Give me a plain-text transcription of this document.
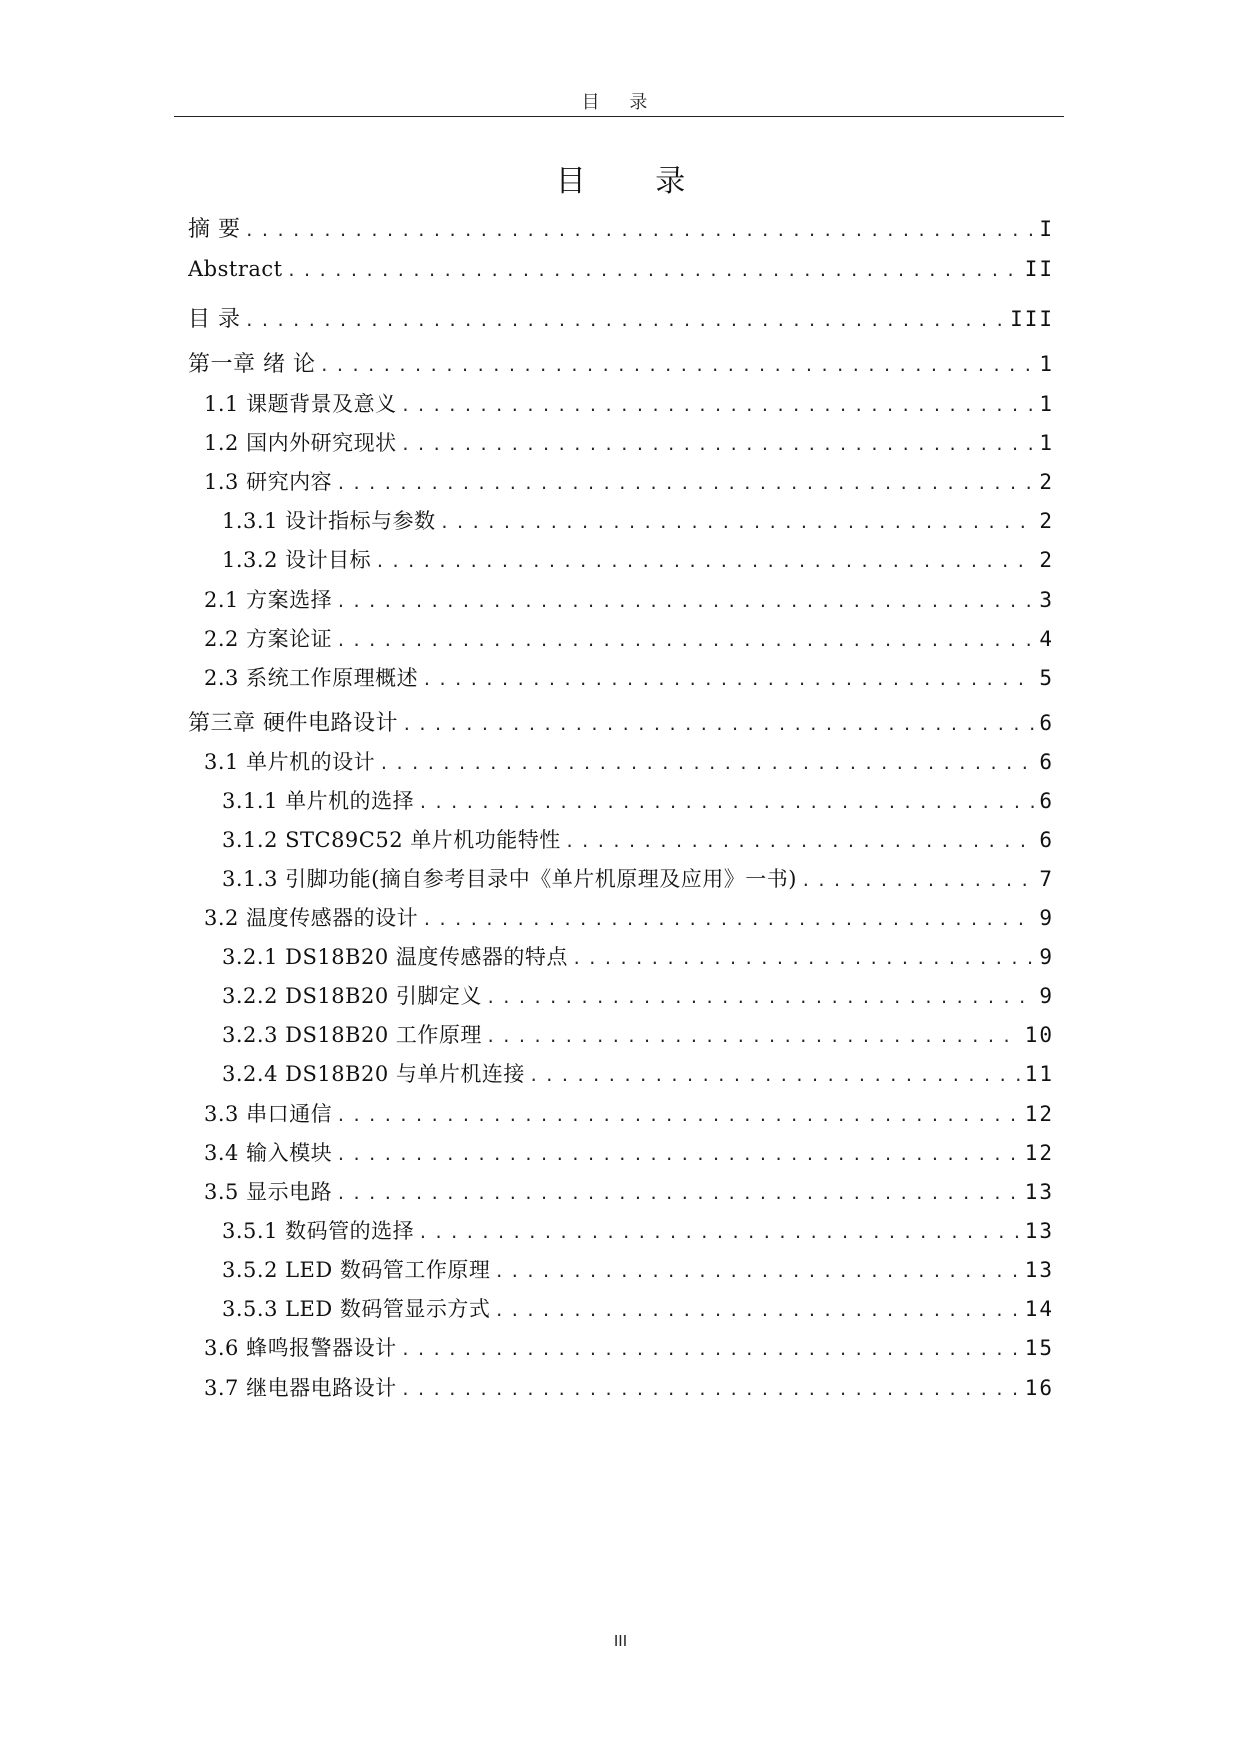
目 录
目 录
摘 要 .....	I
Abstract .....	II
目 录 .....	III
第一章 绪 论 .....	1
1.1 课题背景及意义 .....	1
1.2 国内外研究现状 .....	1
1.3 研究内容 .....	2
1.3.1 设计指标与参数 .....	2
1.3.2 设计目标 .....	2
2.1 方案选择 .....	3
2.2 方案论证 .....	4
2.3 系统工作原理概述 .....	5
第三章 硬件电路设计 .....	6
3.1 单片机的设计 .....	6
3.1.1 单片机的选择 .....	6
3.1.2 STC89C52 单片机功能特性 .....	6
3.1.3 引脚功能(摘自参考目录中《单片机原理及应用》一书) .....	7
3.2 温度传感器的设计 .....	9
3.2.1 DS18B20 温度传感器的特点 .....	9
3.2.2 DS18B20 引脚定义 .....	9
3.2.3 DS18B20 工作原理 .....	10
3.2.4 DS18B20 与单片机连接 .....	11
3.3 串口通信 .....	12
3.4 输入模块 .....	12
3.5 显示电路 .....	13
3.5.1 数码管的选择 .....	13
3.5.2 LED 数码管工作原理 .....	13
3.5.3 LED 数码管显示方式 .....	14
3.6 蜂鸣报警器设计 .....	15
3.7 继电器电路设计 .....	16
III
